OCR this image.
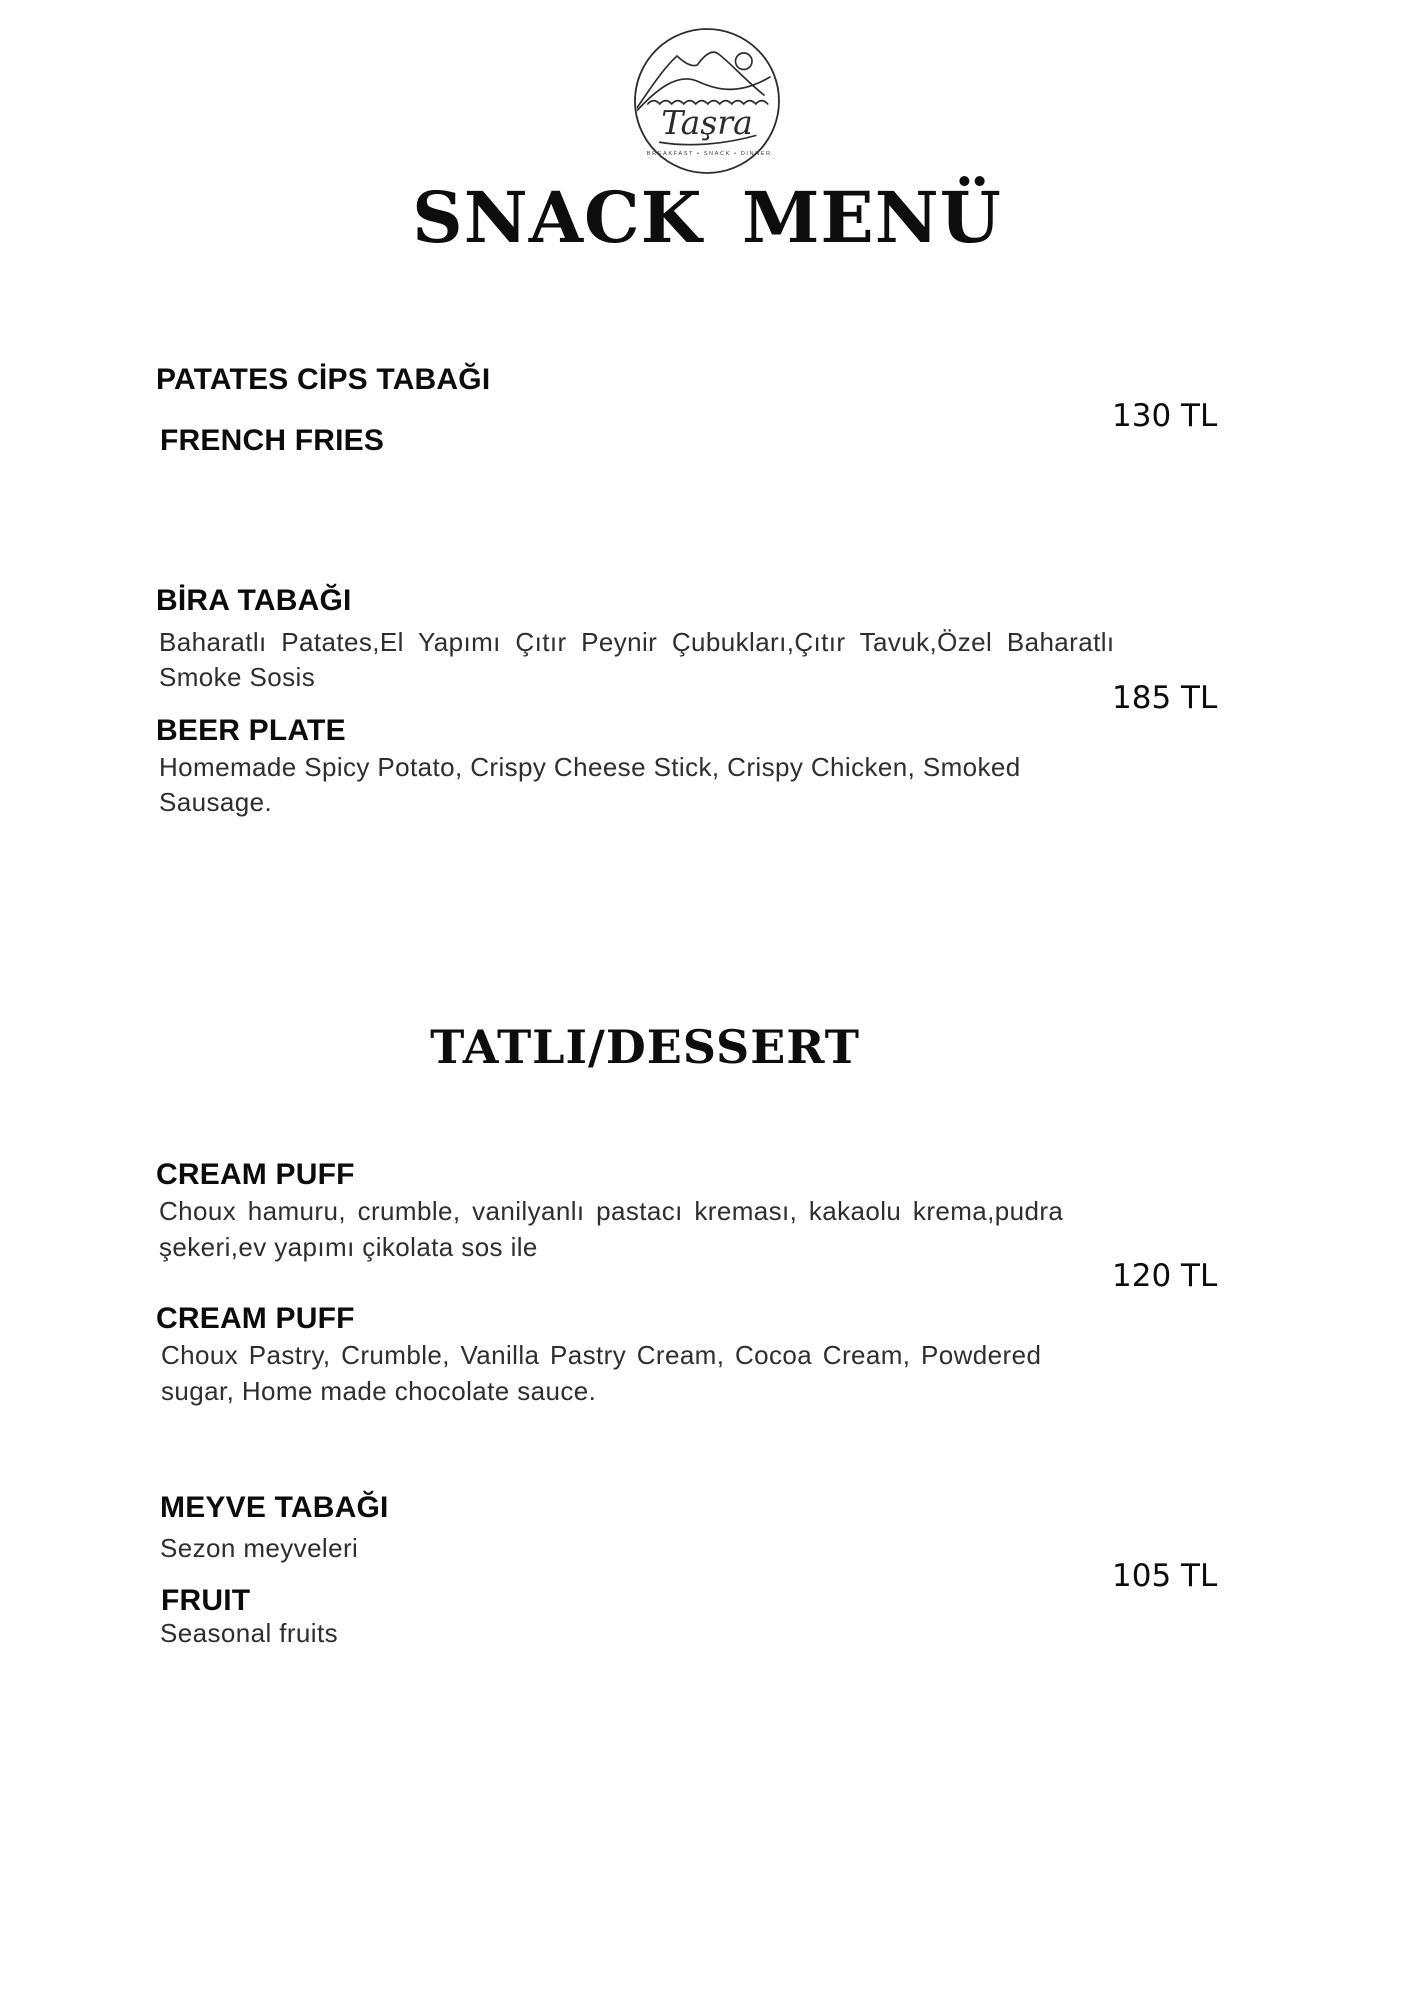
Taşra
BREAKFAST • SNACK • DINNER
SNACK MENÜ
PATATES CİPS TABAĞI
130 TL
FRENCH FRIES
BİRA TABAĞI
Baharatlı Patates,El Yapımı Çıtır Peynir Çubukları,Çıtır Tavuk,Özel Baharatlı
Smoke Sosis
185 TL
BEER PLATE
Homemade Spicy Potato, Crispy Cheese Stick, Crispy Chicken, Smoked
Sausage.
TATLI/DESSERT
CREAM PUFF
Choux hamuru, crumble, vanilyanlı pastacı kreması, kakaolu krema,pudra
şekeri,ev yapımı çikolata sos ile
120 TL
CREAM PUFF
Choux Pastry, Crumble, Vanilla Pastry Cream, Cocoa Cream, Powdered
sugar, Home made chocolate sauce.
MEYVE TABAĞI
Sezon meyveleri
105 TL
FRUIT
Seasonal fruits
